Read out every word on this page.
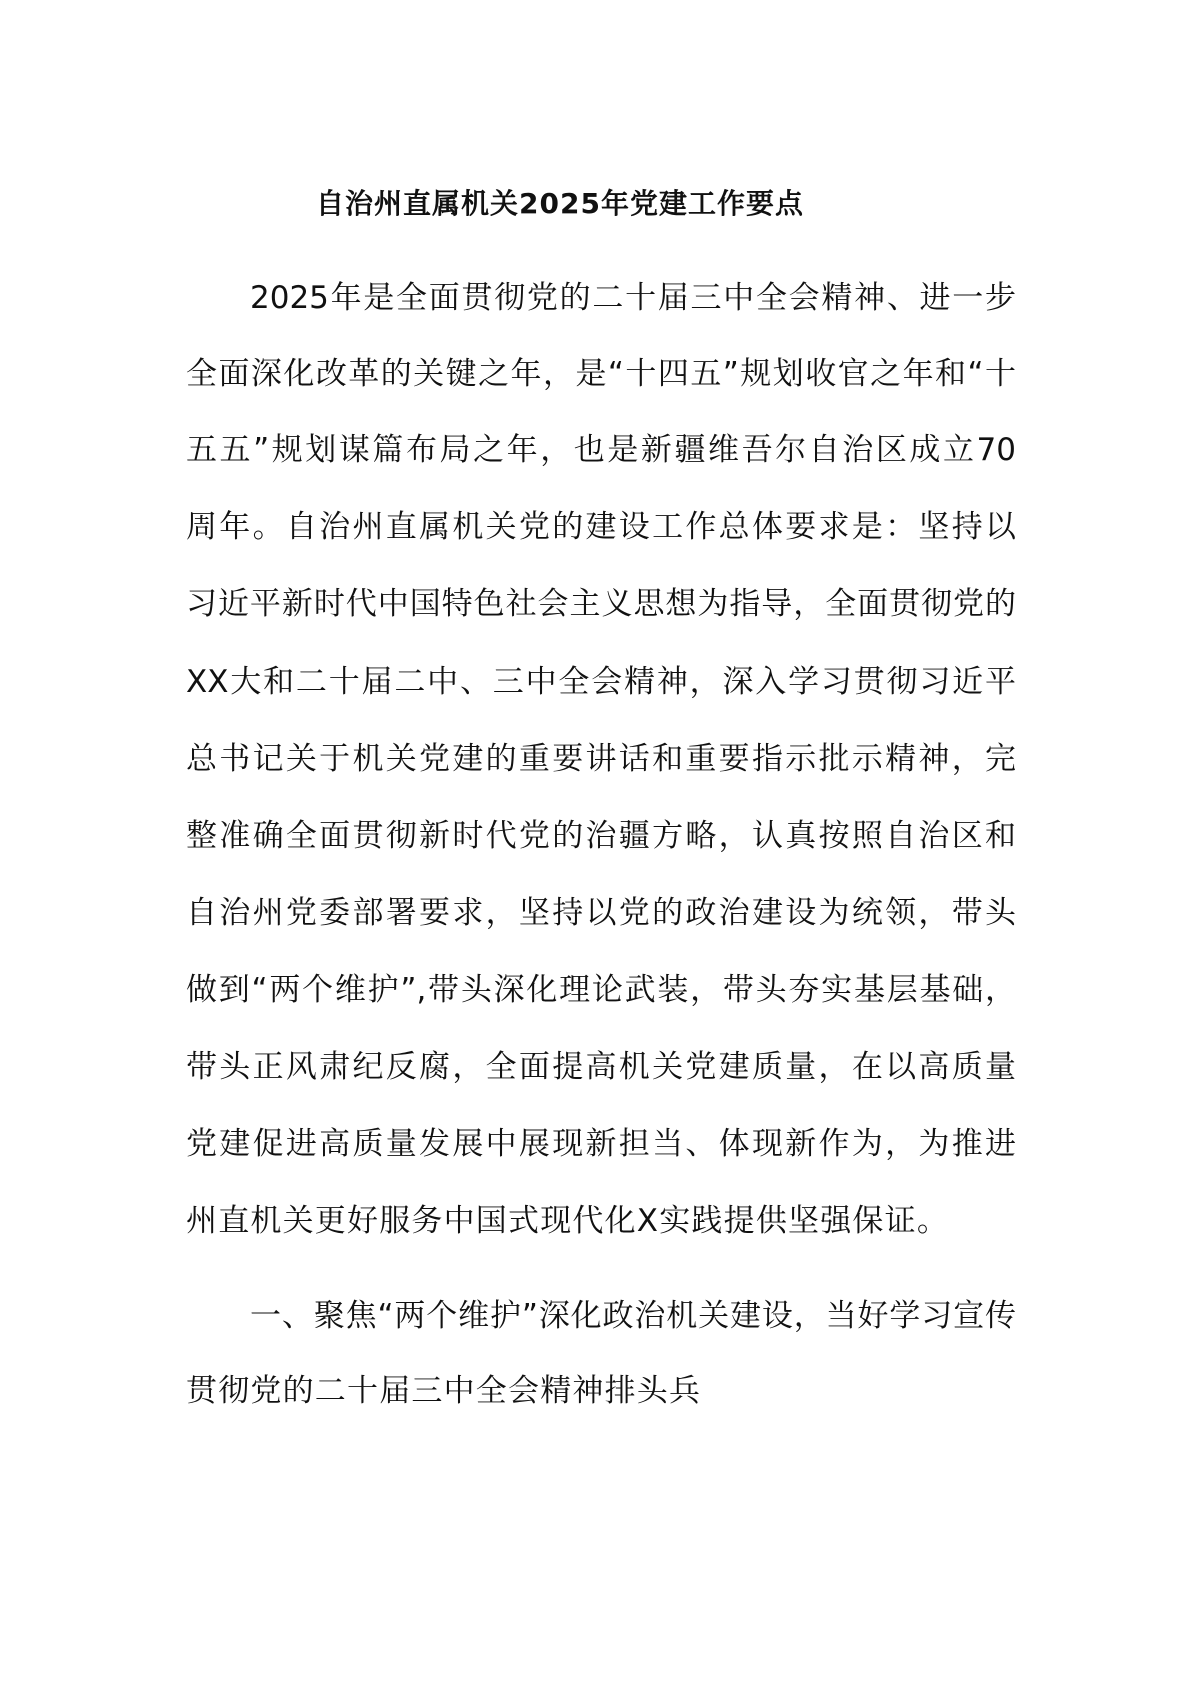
自治州直属机关2025年党建工作要点

2025年是全面贯彻党的二十届三中全会精神、进一步

全面深化改革的关键之年，是“十四五”规划收官之年和“十

五五”规划谋篇布局之年，也是新疆维吾尔自治区成立70

周年。自治州直属机关党的建设工作总体要求是：坚持以

习近平新时代中国特色社会主义思想为指导，全面贯彻党的

XX大和二十届二中、三中全会精神，深入学习贯彻习近平

总书记关于机关党建的重要讲话和重要指示批示精神，完

整准确全面贯彻新时代党的治疆方略，认真按照自治区和

自治州党委部署要求，坚持以党的政治建设为统领，带头

做到“两个维护”,带头深化理论武装，带头夯实基层基础，

带头正风肃纪反腐，全面提高机关党建质量，在以高质量

党建促进高质量发展中展现新担当、体现新作为，为推进

州直机关更好服务中国式现代化X实践提供坚强保证。

一、聚焦“两个维护”深化政治机关建设，当好学习宣传

贯彻党的二十届三中全会精神排头兵
